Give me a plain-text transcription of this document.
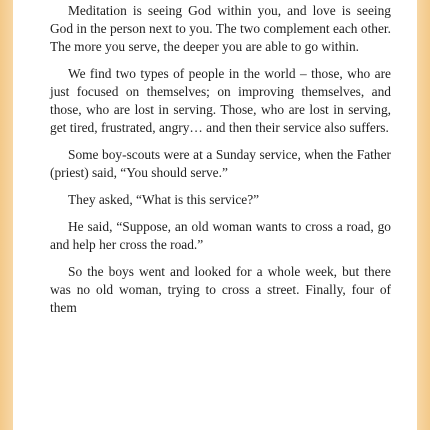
Meditation is seeing God within you, and love is seeing God in the person next to you. The two complement each other. The more you serve, the deeper you are able to go within.

We find two types of people in the world – those, who are just focused on themselves; on improving themselves, and those, who are lost in serving. Those, who are lost in serving, get tired, frustrated, angry… and then their service also suffers.

Some boy-scouts were at a Sunday service, when the Father (priest) said, “You should serve.”

They asked, “What is this service?”

He said, “Suppose, an old woman wants to cross a road, go and help her cross the road.”

So the boys went and looked for a whole week, but there was no old woman, trying to cross a street. Finally, four of them
